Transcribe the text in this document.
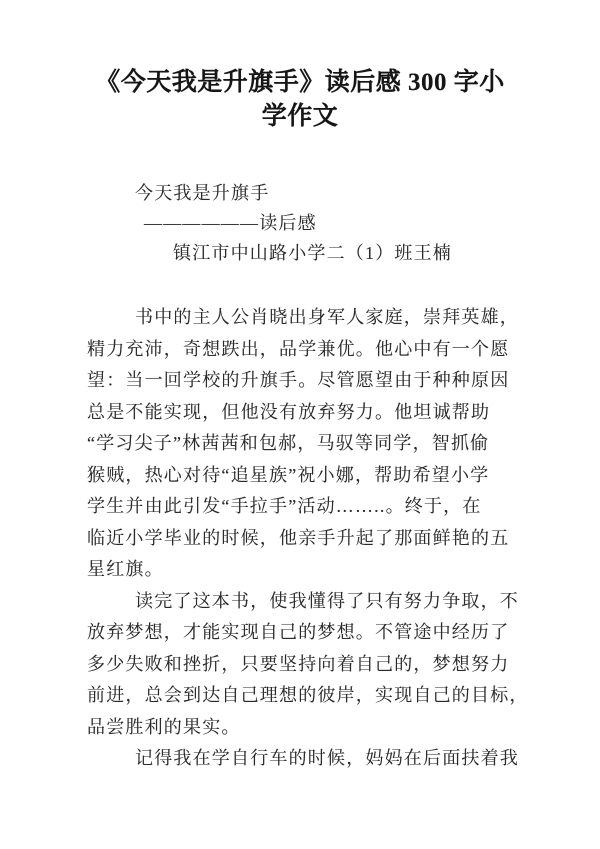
《今天我是升旗手》读后感 300 字小
学作文
今天我是升旗手
——————读后感
镇江市中山路小学二（1）班王楠
书中的主人公肖晓出身军人家庭，崇拜英雄，
精力充沛，奇想跌出，品学兼优。他心中有一个愿
望：当一回学校的升旗手。尽管愿望由于种种原因
总是不能实现，但他没有放弃努力。他坦诚帮助
“学习尖子”林茜茜和包郝，马驭等同学，智抓偷
猴贼，热心对待“追星族”祝小娜，帮助希望小学
学生并由此引发“手拉手”活动……..。终于，在
临近小学毕业的时候，他亲手升起了那面鲜艳的五
星红旗。
读完了这本书，使我懂得了只有努力争取，不
放弃梦想，才能实现自己的梦想。不管途中经历了
多少失败和挫折，只要坚持向着自己的，梦想努力
前进，总会到达自己理想的彼岸，实现自己的目标，
品尝胜利的果实。
记得我在学自行车的时候，妈妈在后面扶着我
